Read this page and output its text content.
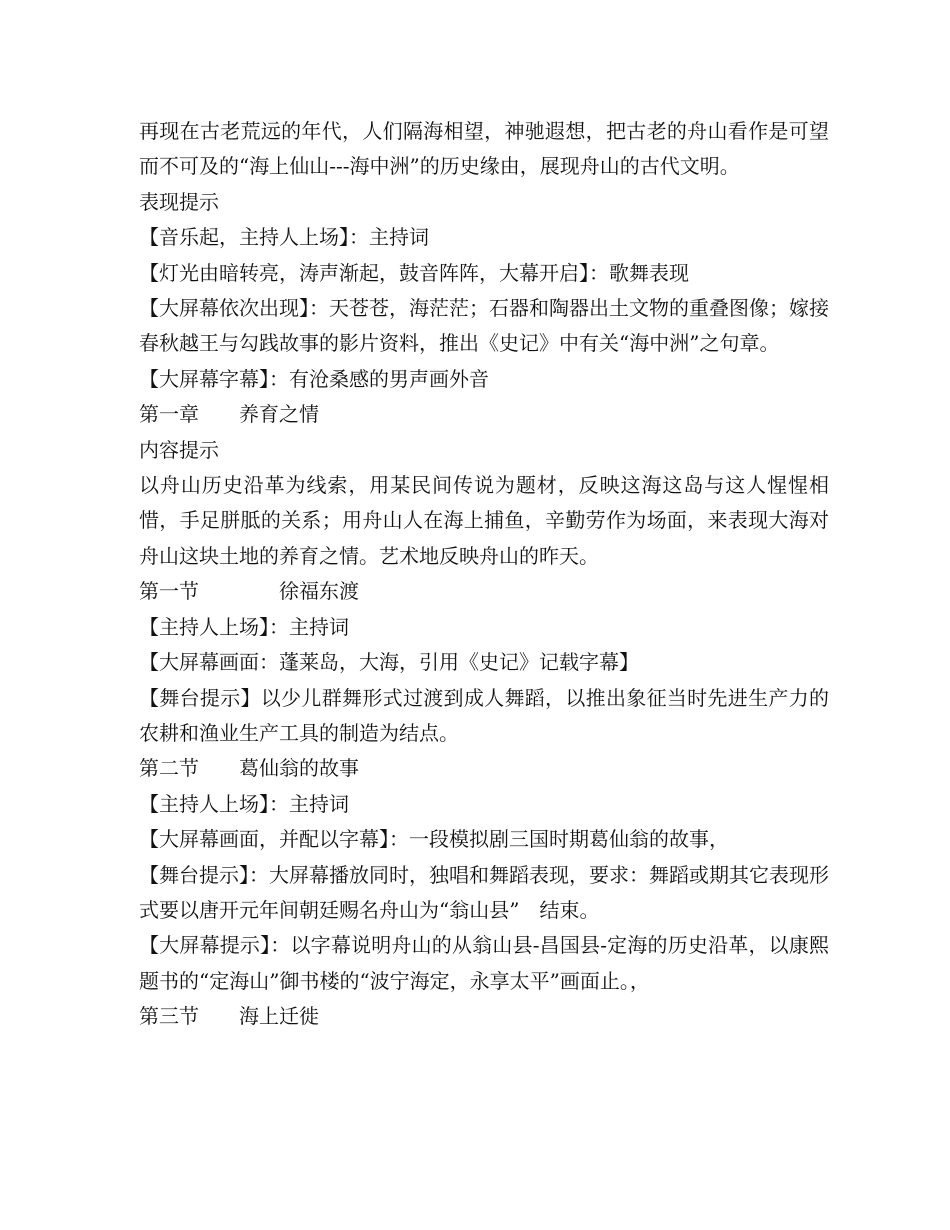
再现在古老荒远的年代，人们隔海相望，神驰遐想，把古老的舟山看作是可望而不可及的“海上仙山---海中洲”的历史缘由，展现舟山的古代文明。

表现提示

【音乐起，主持人上场】：主持词

【灯光由暗转亮，涛声渐起，鼓音阵阵，大幕开启】：歌舞表现

【大屏幕依次出现】：天苍苍，海茫茫；石器和陶器出土文物的重叠图像；嫁接春秋越王与勾践故事的影片资料，推出《史记》中有关“海中洲”之句章。

【大屏幕字幕】：有沧桑感的男声画外音

第一章　　养育之情

内容提示

以舟山历史沿革为线索，用某民间传说为题材，反映这海这岛与这人惺惺相惜，手足胼胝的关系；用舟山人在海上捕鱼，辛勤劳作为场面，来表现大海对舟山这块土地的养育之情。艺术地反映舟山的昨天。

第一节　　　　徐福东渡

【主持人上场】：主持词

【大屏幕画面：蓬莱岛，大海，引用《史记》记载字幕】

【舞台提示】以少儿群舞形式过渡到成人舞蹈，以推出象征当时先进生产力的农耕和渔业生产工具的制造为结点。

第二节　　葛仙翁的故事

【主持人上场】：主持词

【大屏幕画面，并配以字幕】：一段模拟剧三国时期葛仙翁的故事，

【舞台提示】：大屏幕播放同时，独唱和舞蹈表现，要求：舞蹈或期其它表现形式要以唐开元年间朝廷赐名舟山为“翁山县”　结束。

【大屏幕提示】：以字幕说明舟山的从翁山县-昌国县-定海的历史沿革，以康熙题书的“定海山”御书楼的“波宁海定，永享太平”画面止。，

第三节　　海上迁徙
